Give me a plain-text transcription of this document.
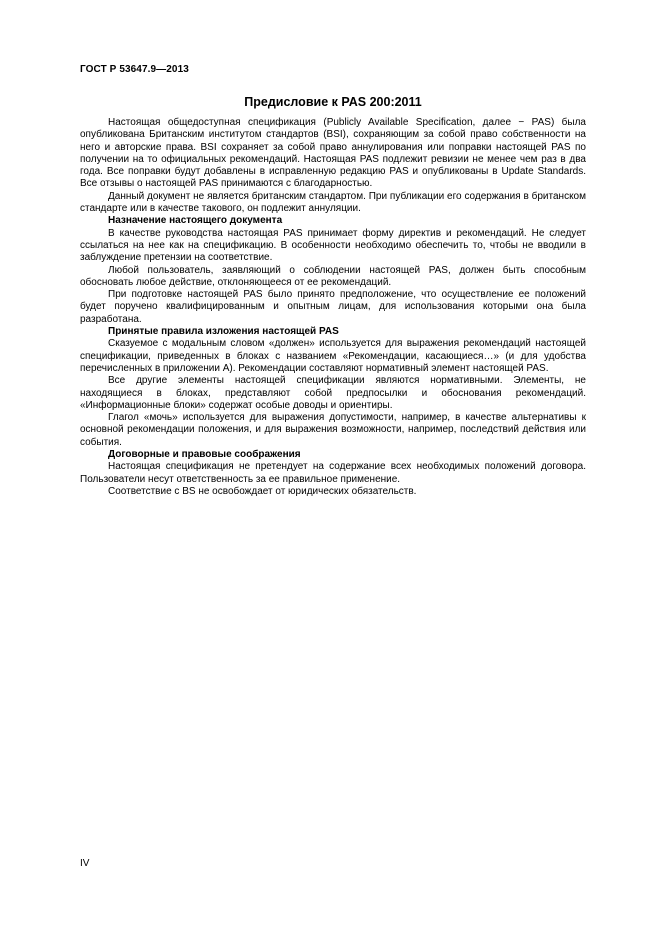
ГОСТ Р 53647.9—2013
Предисловие к PAS 200:2011

Настоящая общедоступная спецификация (Publicly Available Specification, далее − PAS) была опубликована Британским институтом стандартов (BSI), сохраняющим за собой право собственности на него и авторские права. BSI сохраняет за собой право аннулирования или поправки настоящей PAS по получении на то официальных рекомендаций. Настоящая PAS подлежит ревизии не менее чем раз в два года. Все поправки будут добавлены в исправленную редакцию PAS и опубликованы в Update Standards. Все отзывы о настоящей PAS принимаются с благодарностью.

Данный документ не является британским стандартом. При публикации его содержания в британском стандарте или в качестве такового, он подлежит аннуляции.

Назначение настоящего документа

В качестве руководства настоящая PAS принимает форму директив и рекомендаций. Не следует ссылаться на нее как на спецификацию. В особенности необходимо обеспечить то, чтобы не вводили в заблуждение претензии на соответствие.

Любой пользователь, заявляющий о соблюдении настоящей PAS, должен быть способным обосновать любое действие, отклоняющееся от ее рекомендаций.

При подготовке настоящей PAS было принято предположение, что осуществление ее положений будет поручено квалифицированным и опытным лицам, для использования которыми она была разработана.

Принятые правила изложения настоящей PAS

Сказуемое с модальным словом «должен» используется для выражения рекомендаций настоящей спецификации, приведенных в блоках с названием «Рекомендации, касающиеся…» (и для удобства перечисленных в приложении А). Рекомендации составляют нормативный элемент настоящей PAS.

Все другие элементы настоящей спецификации являются нормативными. Элементы, не находящиеся в блоках, представляют собой предпосылки и обоснования рекомендаций. «Информационные блоки» содержат особые доводы и ориентиры.

Глагол «мочь» используется для выражения допустимости, например, в качестве альтернативы к основной рекомендации положения, и для выражения возможности, например, последствий действия или события.

Договорные и правовые соображения

Настоящая спецификация не претендует на содержание всех необходимых положений договора. Пользователи несут ответственность за ее правильное применение.

Соответствие с BS не освобождает от юридических обязательств.

IV
